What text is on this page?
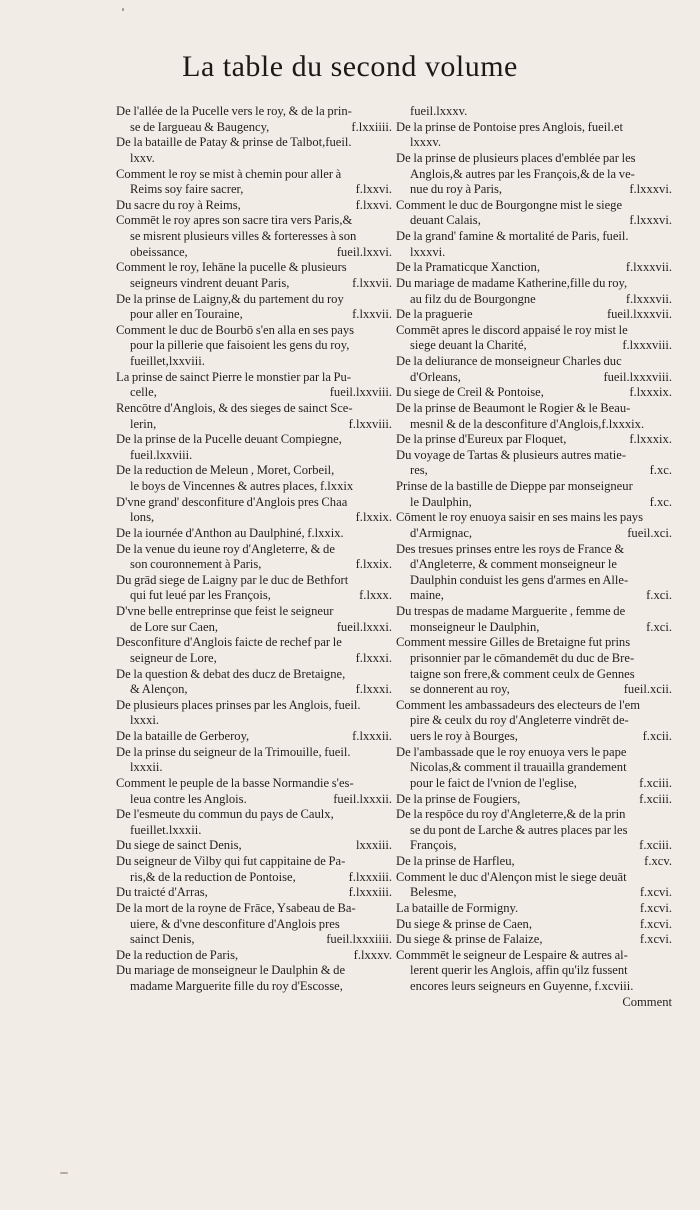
La table du second volume
De l'allée de la Pucelle vers le roy, & de la prin-
se de Iargueau & Baugency,	f.lxxiiii.
De la bataille de Patay & prinse de Talbot,fueil.
lxxv.
Comment le roy se mist à chemin pour aller à
Reims soy faire sacrer,	f.lxxvi.
Du sacre du roy à Reims,	f.lxxvi.
Commēt le roy apres son sacre tira vers Paris,&
se misrent plusieurs villes & forteresses à son
obeissance,	fueil.lxxvi.
Comment le roy, Iehāne la pucelle & plusieurs
seigneurs vindrent deuant Paris,	f.lxxvii.
De la prinse de Laigny,& du partement du roy
pour aller en Touraine,	f.lxxvii.
Comment le duc de Bourbō s'en alla en ses pays
pour la pillerie que faisoient les gens du roy,
fueillet,lxxviii.
La prinse de sainct Pierre le monstier par la Pu-
celle,	fueil.lxxviii.
Rencōtre d'Anglois, & des sieges de sainct Sce-
lerin,	f.lxxviii.
De la prinse de la Pucelle deuant Compiegne,
fueil.lxxviii.
De la reduction de Meleun , Moret, Corbeil,
le boys de Vincennes & autres places, f.lxxix
D'vne grand' desconfiture d'Anglois pres Chaa
lons,	f.lxxix.
De la iournée d'Anthon au Daulphiné, f.lxxix.
De la venue du ieune roy d'Angleterre, & de
son couronnement à Paris,	f.lxxix.
Du grād siege de Laigny par le duc de Bethfort
qui fut leué par les François,	f.lxxx.
D'vne belle entreprinse que feist le seigneur
de Lore sur Caen,	fueil.lxxxi.
Desconfiture d'Anglois faicte de rechef par le
seigneur de Lore,	f.lxxxi.
De la question & debat des ducz de Bretaigne,
& Alençon,	f.lxxxi.
De plusieurs places prinses par les Anglois, fueil.
lxxxi.
De la bataille de Gerberoy,	f.lxxxii.
De la prinse du seigneur de la Trimouille, fueil.
lxxxii.
Comment le peuple de la basse Normandie s'es-
leua contre les Anglois.	fueil.lxxxii.
De l'esmeute du commun du pays de Caulx,
fueillet.lxxxii.
Du siege de sainct Denis,	lxxxiii.
Du seigneur de Vilby qui fut cappitaine de Pa-
ris,& de la reduction de Pontoise,	f.lxxxiii.
Du traicté d'Arras,	f.lxxxiii.
De la mort de la royne de Frāce, Ysabeau de Ba-
uiere, & d'vne desconfiture d'Anglois pres
sainct Denis,	fueil.lxxxiiii.
De la reduction de Paris,	f.lxxxv.
Du mariage de monseigneur le Daulphin & de
madame Marguerite fille du roy d'Escosse,
fueil.lxxxv.
De la prinse de Pontoise pres Anglois, fueil.et
lxxxv.
De la prinse de plusieurs places d'emblée par les
Anglois,& autres par les François,& de la ve-
nue du roy à Paris,	f.lxxxvi.
Comment le duc de Bourgongne mist le siege
deuant Calais,	f.lxxxvi.
De la grand' famine & mortalité de Paris, fueil.
lxxxvi.
De la Pramaticque Xanction,	f.lxxxvii.
Du mariage de madame Katherine,fille du roy,
au filz du de Bourgongne	f.lxxxvii.
De la praguerie	fueil.lxxxvii.
Commēt apres le discord appaisé le roy mist le
siege deuant la Charité,	f.lxxxviii.
De la deliurance de monseigneur Charles duc
d'Orleans,	fueil.lxxxviii.
Du siege de Creil & Pontoise,	f.lxxxix.
De la prinse de Beaumont le Rogier & le Beau-
mesnil & de la desconfiture d'Anglois,f.lxxxix.
De la prinse d'Eureux par Floquet,	f.lxxxix.
Du voyage de Tartas & plusieurs autres matie-
res,	f.xc.
Prinse de la bastille de Dieppe par monseigneur
le Daulphin,	f.xc.
Cōment le roy enuoya saisir en ses mains les pays
d'Armignac,	fueil.xci.
Des tresues prinses entre les roys de France &
d'Angleterre, & comment monseigneur le
Daulphin conduist les gens d'armes en Alle-
maine,	f.xci.
Du trespas de madame Marguerite , femme de
monseigneur le Daulphin,	f.xci.
Comment messire Gilles de Bretaigne fut prins
prisonnier par le cōmandemēt du duc de Bre-
taigne son frere,& comment ceulx de Gennes
se donnerent au roy,	fueil.xcii.
Comment les ambassadeurs des electeurs de l'em
pire & ceulx du roy d'Angleterre vindrēt de-
uers le roy à Bourges,	f.xcii.
De l'ambassade que le roy enuoya vers le pape
Nicolas,& comment il trauailla grandement
pour le faict de l'vnion de l'eglise,	f.xciii.
De la prinse de Fougiers,	f.xciii.
De la respōce du roy d'Angleterre,& de la prin
se du pont de Larche & autres places par les
François,	f.xciii.
De la prinse de Harfleu,	f.xcv.
Comment le duc d'Alençon mist le siege deuāt
Belesme,	f.xcvi.
La bataille de Formigny.	f.xcvi.
Du siege & prinse de Caen,	f.xcvi.
Du siege & prinse de Falaize,	f.xcvi.
Commmēt le seigneur de Lespaire & autres al-
lerent querir les Anglois, affin qu'ilz fussent
encores leurs seigneurs en Guyenne, f.xcviii.
Comment
